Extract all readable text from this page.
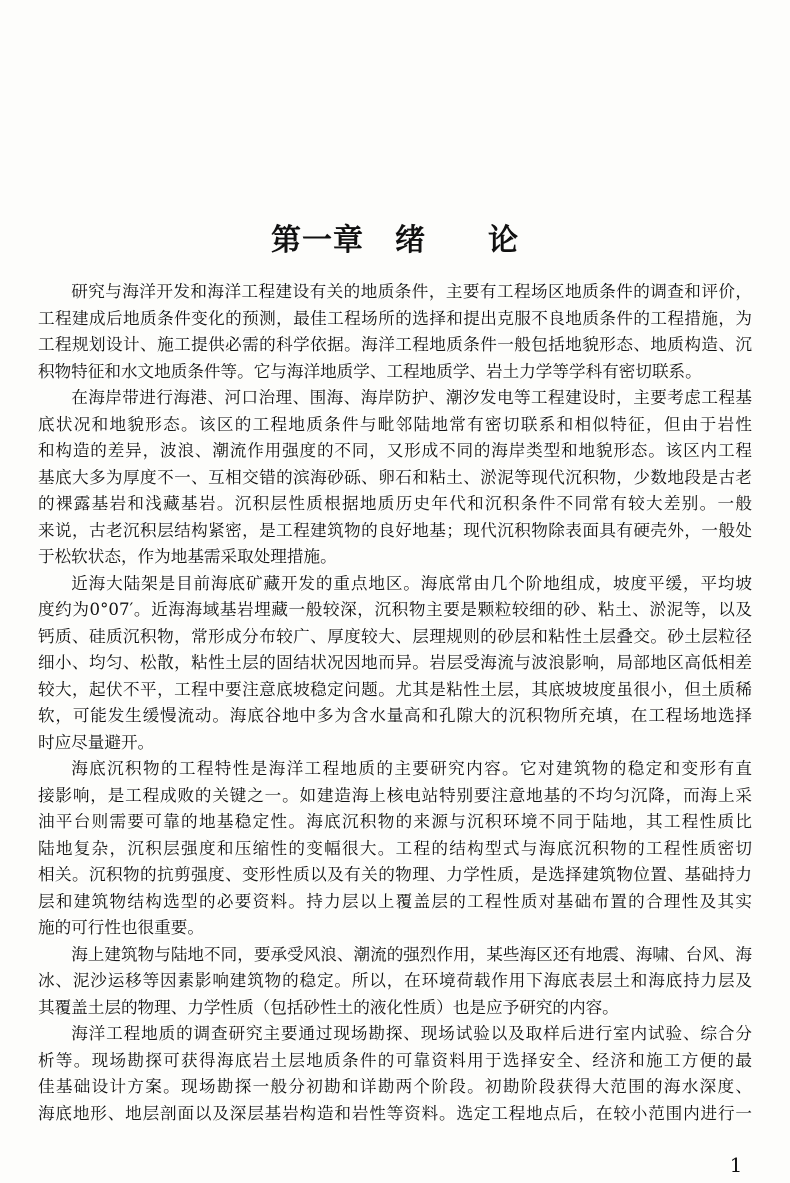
第一章　绪　　论
研究与海洋开发和海洋工程建设有关的地质条件，主要有工程场区地质条件的调查和评价，
工程建成后地质条件变化的预测，最佳工程场所的选择和提出克服不良地质条件的工程措施，为
工程规划设计、施工提供必需的科学依据。海洋工程地质条件一般包括地貌形态、地质构造、沉
积物特征和水文地质条件等。它与海洋地质学、工程地质学、岩土力学等学科有密切联系。
在海岸带进行海港、河口治理、围海、海岸防护、潮汐发电等工程建设时，主要考虑工程基
底状况和地貌形态。该区的工程地质条件与毗邻陆地常有密切联系和相似特征，但由于岩性
和构造的差异，波浪、潮流作用强度的不同，又形成不同的海岸类型和地貌形态。该区内工程
基底大多为厚度不一、互相交错的滨海砂砾、卵石和粘土、淤泥等现代沉积物，少数地段是古老
的裸露基岩和浅藏基岩。沉积层性质根据地质历史年代和沉积条件不同常有较大差别。一般
来说，古老沉积层结构紧密，是工程建筑物的良好地基；现代沉积物除表面具有硬壳外，一般处
于松软状态，作为地基需采取处理措施。
近海大陆架是目前海底矿藏开发的重点地区。海底常由几个阶地组成，坡度平缓，平均坡
度约为0°07′。近海海域基岩埋藏一般较深，沉积物主要是颗粒较细的砂、粘土、淤泥等，以及
钙质、硅质沉积物，常形成分布较广、厚度较大、层理规则的砂层和粘性土层叠交。砂土层粒径
细小、均匀、松散，粘性土层的固结状况因地而异。岩层受海流与波浪影响，局部地区高低相差
较大，起伏不平，工程中要注意底坡稳定问题。尤其是粘性土层，其底坡坡度虽很小，但土质稀
软，可能发生缓慢流动。海底谷地中多为含水量高和孔隙大的沉积物所充填，在工程场地选择
时应尽量避开。
海底沉积物的工程特性是海洋工程地质的主要研究内容。它对建筑物的稳定和变形有直
接影响，是工程成败的关键之一。如建造海上核电站特别要注意地基的不均匀沉降，而海上采
油平台则需要可靠的地基稳定性。海底沉积物的来源与沉积环境不同于陆地，其工程性质比
陆地复杂，沉积层强度和压缩性的变幅很大。工程的结构型式与海底沉积物的工程性质密切
相关。沉积物的抗剪强度、变形性质以及有关的物理、力学性质，是选择建筑物位置、基础持力
层和建筑物结构选型的必要资料。持力层以上覆盖层的工程性质对基础布置的合理性及其实
施的可行性也很重要。
海上建筑物与陆地不同，要承受风浪、潮流的强烈作用，某些海区还有地震、海啸、台风、海
冰、泥沙运移等因素影响建筑物的稳定。所以，在环境荷载作用下海底表层土和海底持力层及
其覆盖土层的物理、力学性质（包括砂性土的液化性质）也是应予研究的内容。
海洋工程地质的调查研究主要通过现场勘探、现场试验以及取样后进行室内试验、综合分
析等。现场勘探可获得海底岩土层地质条件的可靠资料用于选择安全、经济和施工方便的最
佳基础设计方案。现场勘探一般分初勘和详勘两个阶段。初勘阶段获得大范围的海水深度、
海底地形、地层剖面以及深层基岩构造和岩性等资料。选定工程地点后，在较小范围内进行一
1
